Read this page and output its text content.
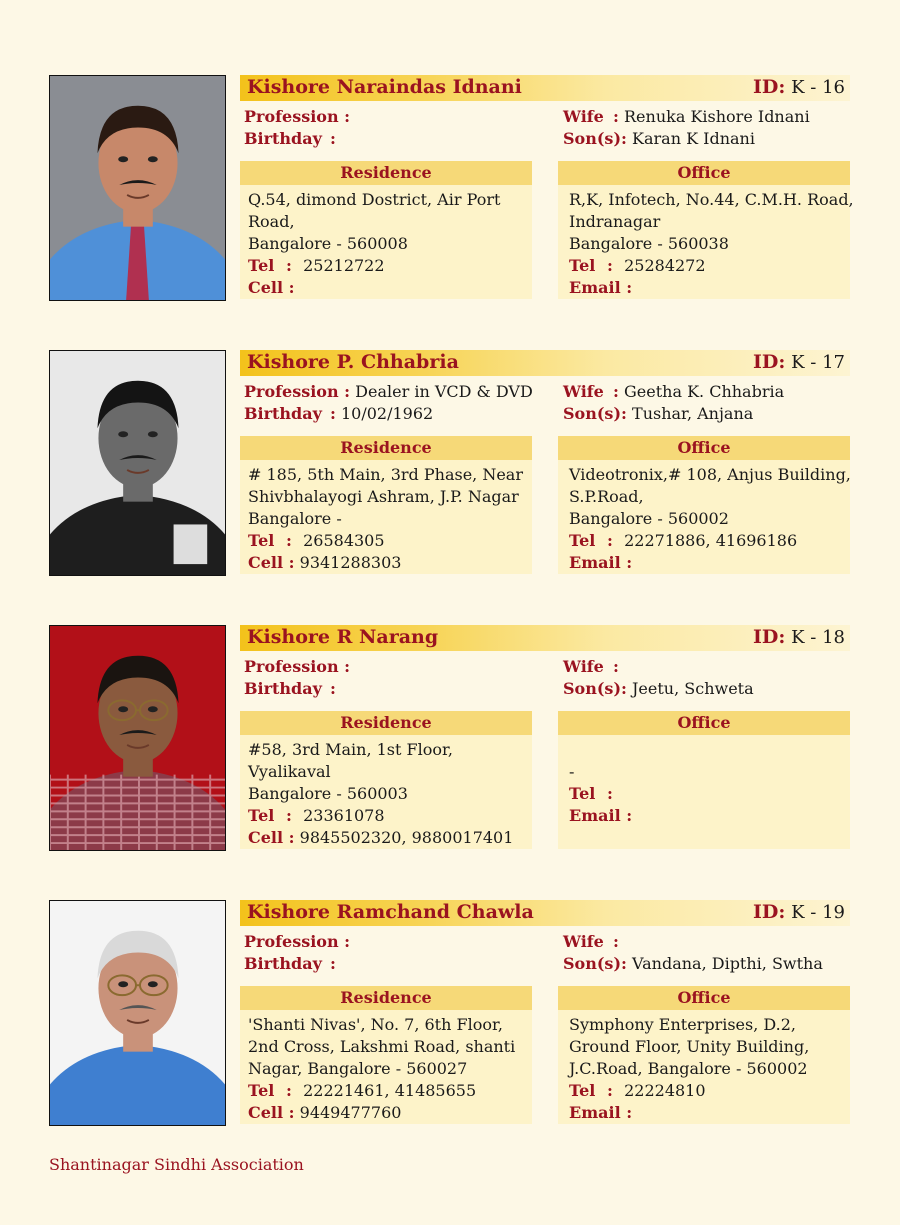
Kishore Naraindas Idnani	ID: K - 16
Profession :
Birthday :
Wife : Renuka Kishore Idnani
Son(s): Karan K Idnani
Residence
Q.54, dimond Dostrict, Air Port
Road,
Bangalore - 560008
Tel : 25212722
Cell :
Office
R,K, Infotech, No.44, C.M.H. Road,
Indranagar
Bangalore - 560038
Tel : 25284272
Email :
Kishore P. Chhabria	ID: K - 17
Profession : Dealer in VCD & DVD
Birthday : 10/02/1962
Wife : Geetha K. Chhabria
Son(s): Tushar, Anjana
Residence
# 185, 5th Main, 3rd Phase, Near
Shivbhalayogi Ashram, J.P. Nagar
Bangalore -
Tel : 26584305
Cell : 9341288303
Office
Videotronix,# 108, Anjus Building,
S.P.Road,
Bangalore - 560002
Tel : 22271886, 41696186
Email :
Kishore R Narang	ID: K - 18
Profession :
Birthday :
Wife :
Son(s): Jeetu, Schweta
Residence
#58, 3rd Main, 1st Floor,
Vyalikaval
Bangalore - 560003
Tel : 23361078
Cell : 9845502320, 9880017401
Office
-
Tel :
Email :
Kishore Ramchand Chawla	ID: K - 19
Profession :
Birthday :
Wife :
Son(s): Vandana, Dipthi, Swtha
Residence
'Shanti Nivas', No. 7, 6th Floor,
2nd Cross, Lakshmi Road, shanti
Nagar, Bangalore - 560027
Tel : 22221461, 41485655
Cell : 9449477760
Office
Symphony Enterprises, D.2,
Ground Floor, Unity Building,
J.C.Road, Bangalore - 560002
Tel : 22224810
Email :
Shantinagar Sindhi Association
